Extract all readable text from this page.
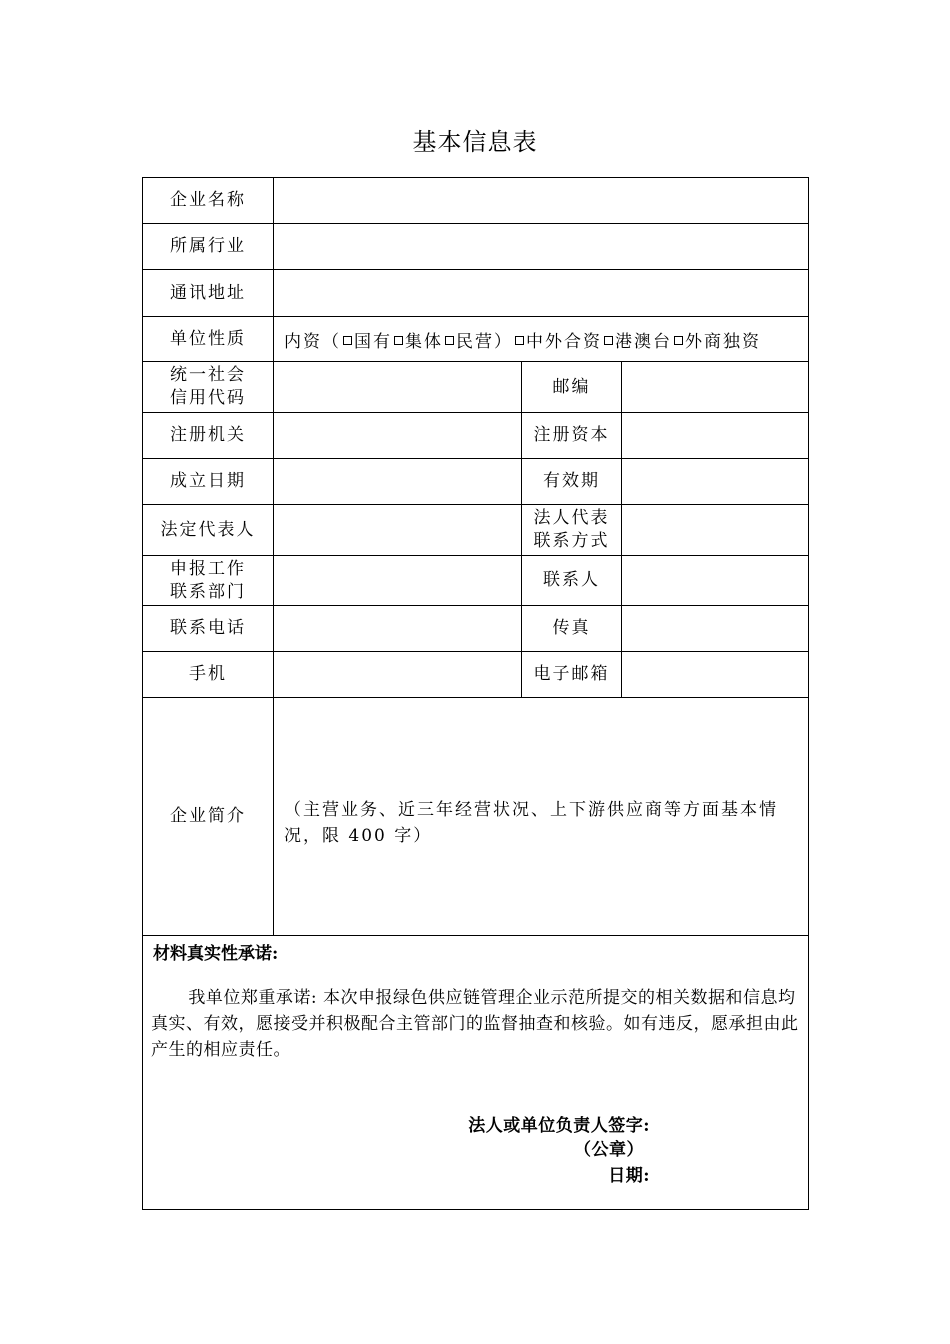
基本信息表
企业名称			
所属行业			
通讯地址			
单位性质	内资（ 国有 集体 民营） 中外合资 港澳台 外商独资		
统一社会
信用代码		邮编	
注册机关		注册资本	
成立日期		有效期	
法定代表人		法人代表
联系方式	
申报工作
联系部门		联系人	
联系电话		传真	
手机		电子邮箱	
企业简介	（主营业务、近三年经营状况、上下游供应商等方面基本情况，限 400 字）		

材料真实性承诺:
我单位郑重承诺: 本次申报绿色供应链管理企业示范所提交的相关数据和信息均真实、有效，愿接受并积极配合主管部门的监督抽查和核验。如有违反，愿承担由此产生的相应责任。
法人或单位负责人签字:
（公章）
日期:			
